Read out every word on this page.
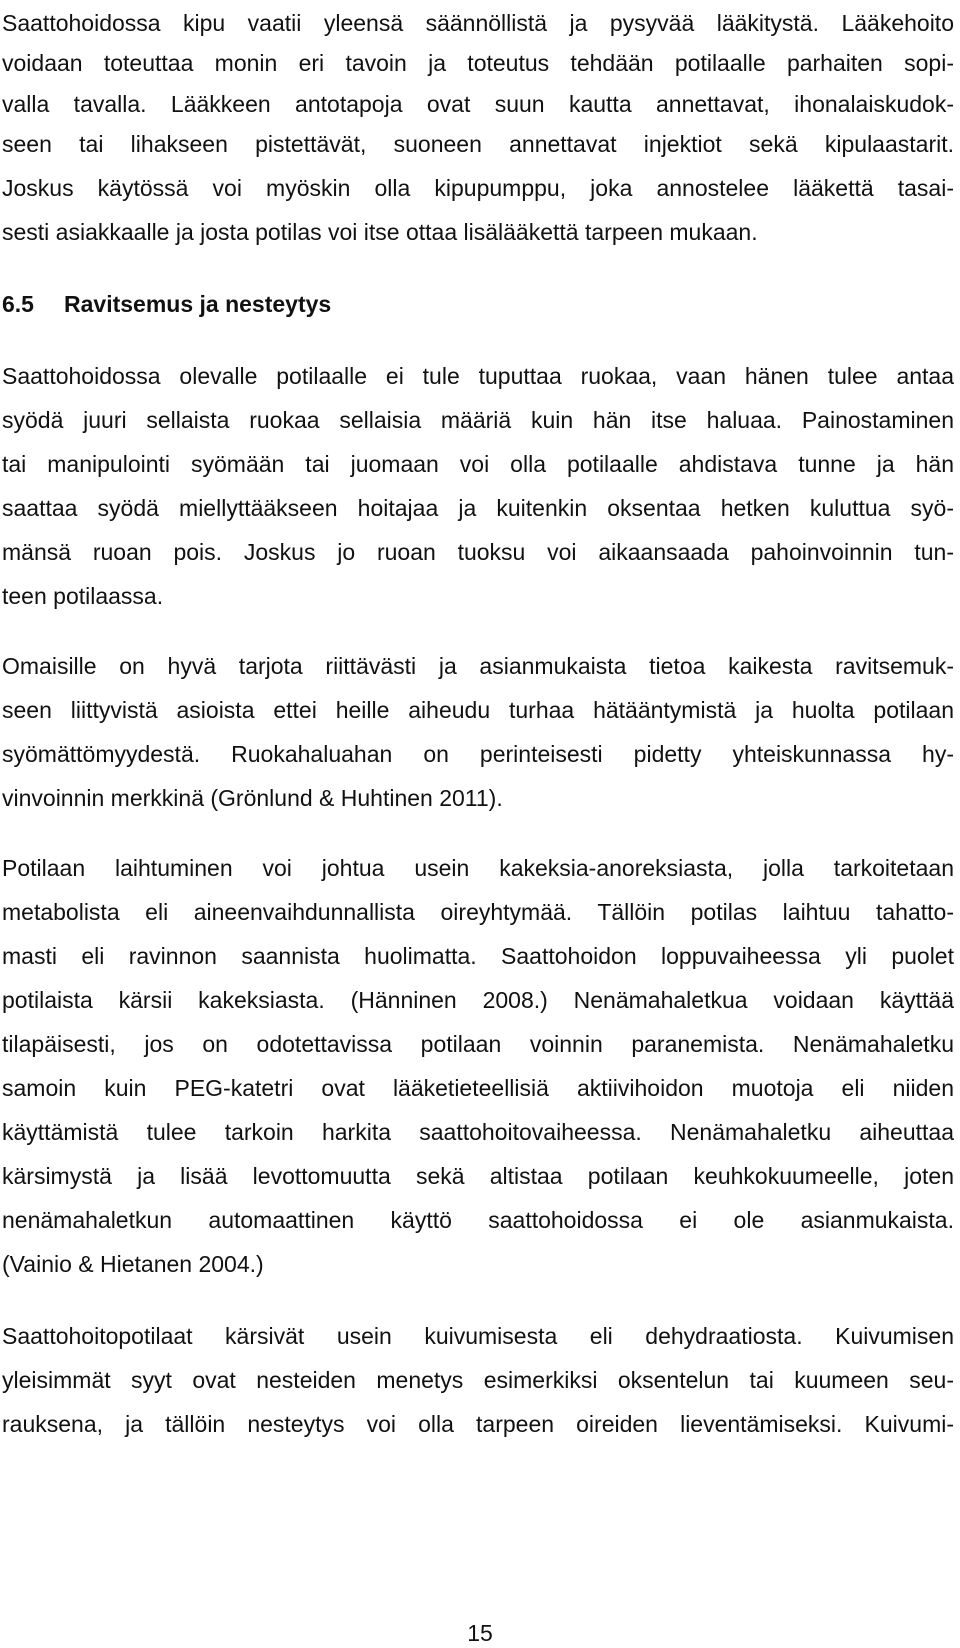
Saattohoidossa kipu vaatii yleensä säännöllistä ja pysyvää lääkitystä. Lääkehoito
voidaan toteuttaa monin eri tavoin ja toteutus tehdään potilaalle parhaiten sopi-
valla tavalla. Lääkkeen antotapoja ovat suun kautta annettavat, ihonalaiskudok-
seen tai lihakseen pistettävät, suoneen annettavat injektiot sekä kipulaastarit.
Joskus käytössä voi myöskin olla kipupumppu, joka annostelee lääkettä tasai-
sesti asiakkaalle ja josta potilas voi itse ottaa lisälääkettä tarpeen mukaan.
6.5 Ravitsemus ja nesteytys
Saattohoidossa olevalle potilaalle ei tule tuputtaa ruokaa, vaan hänen tulee antaa
syödä juuri sellaista ruokaa sellaisia määriä kuin hän itse haluaa. Painostaminen
tai manipulointi syömään tai juomaan voi olla potilaalle ahdistava tunne ja hän
saattaa syödä miellyttääkseen hoitajaa ja kuitenkin oksentaa hetken kuluttua syö-
mänsä ruoan pois. Joskus jo ruoan tuoksu voi aikaansaada pahoinvoinnin tun-
teen potilaassa.
Omaisille on hyvä tarjota riittävästi ja asianmukaista tietoa kaikesta ravitsemuk-
seen liittyvistä asioista ettei heille aiheudu turhaa hätääntymistä ja huolta potilaan
syömättömyydestä. Ruokahaluahan on perinteisesti pidetty yhteiskunnassa hy-
vinvoinnin merkkinä (Grönlund & Huhtinen 2011).
Potilaan laihtuminen voi johtua usein kakeksia-anoreksiasta, jolla tarkoitetaan
metabolista eli aineenvaihdunnallista oireyhtymää. Tällöin potilas laihtuu tahatto-
masti eli ravinnon saannista huolimatta. Saattohoidon loppuvaiheessa yli puolet
potilaista kärsii kakeksiasta. (Hänninen 2008.) Nenämahaletkua voidaan käyttää
tilapäisesti, jos on odotettavissa potilaan voinnin paranemista. Nenämahaletku
samoin kuin PEG-katetri ovat lääketieteellisiä aktiivihoidon muotoja eli niiden
käyttämistä tulee tarkoin harkita saattohoitovaiheessa. Nenämahaletku aiheuttaa
kärsimystä ja lisää levottomuutta sekä altistaa potilaan keuhkokuumeelle, joten
nenämahaletkun automaattinen käyttö saattohoidossa ei ole asianmukaista.
(Vainio & Hietanen 2004.)
Saattohoitopotilaat kärsivät usein kuivumisesta eli dehydraatiosta. Kuivumisen
yleisimmät syyt ovat nesteiden menetys esimerkiksi oksentelun tai kuumeen seu-
rauksena, ja tällöin nesteytys voi olla tarpeen oireiden lieventämiseksi. Kuivumi-
15
